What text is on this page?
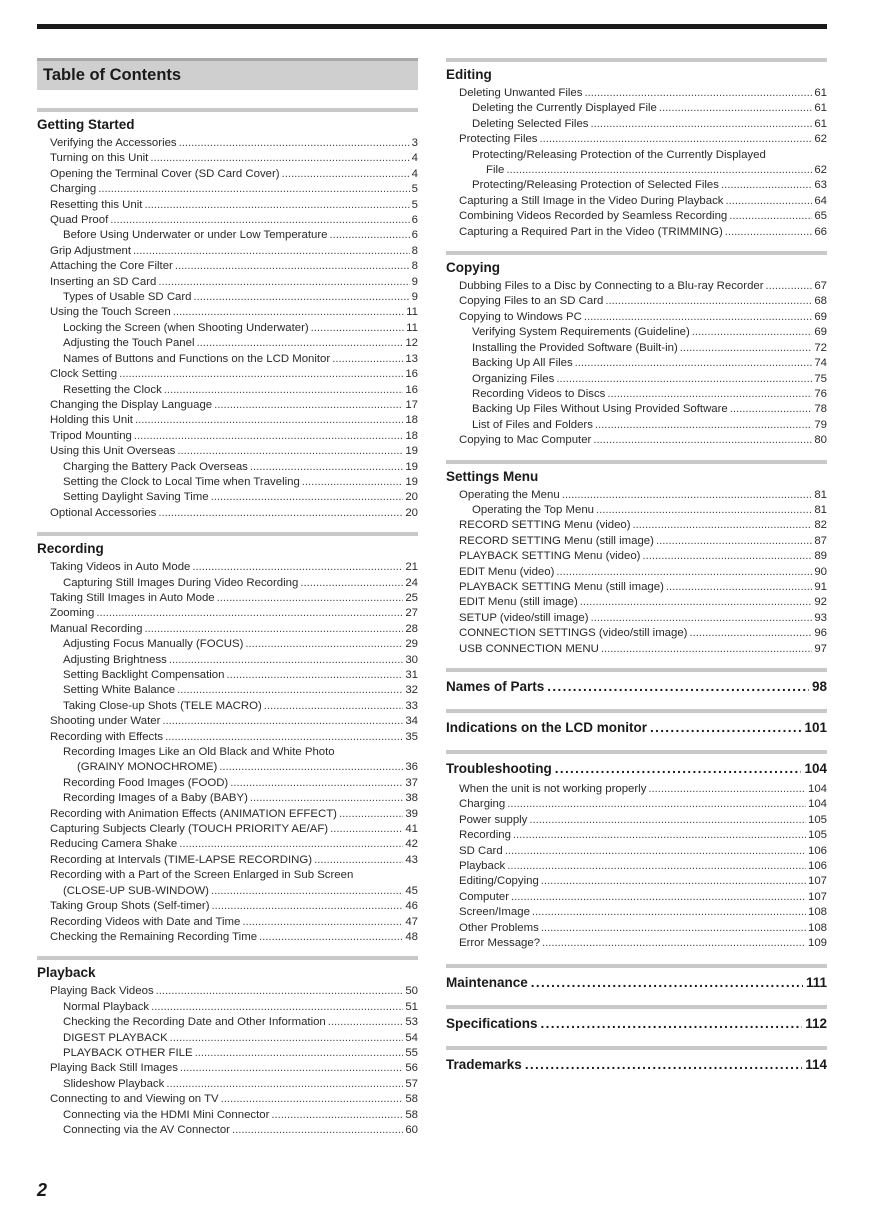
Table of Contents
Getting Started
Verifying the Accessories . . .	3
Turning on this Unit . . .	4
Opening the Terminal Cover (SD Card Cover) . . .	4
Charging . . .	5
Resetting this Unit . . .	5
Quad Proof . . .	6
Before Using Underwater or under Low Temperature . . .	6
Grip Adjustment . . .	8
Attaching the Core Filter . . .	8
Inserting an SD Card . . .	9
Types of Usable SD Card . . .	9
Using the Touch Screen . . .	11
Locking the Screen (when Shooting Underwater) . . .	11
Adjusting the Touch Panel . . .	12
Names of Buttons and Functions on the LCD Monitor . . .	13
Clock Setting . . .	16
Resetting the Clock . . .	16
Changing the Display Language . . .	17
Holding this Unit . . .	18
Tripod Mounting . . .	18
Using this Unit Overseas . . .	19
Charging the Battery Pack Overseas . . .	19
Setting the Clock to Local Time when Traveling . . .	19
Setting Daylight Saving Time . . .	20
Optional Accessories . . .	20
Recording
Taking Videos in Auto Mode . . .	21
Capturing Still Images During Video Recording . . .	24
Taking Still Images in Auto Mode . . .	25
Zooming . . .	27
Manual Recording . . .	28
Adjusting Focus Manually (FOCUS) . . .	29
Adjusting Brightness . . .	30
Setting Backlight Compensation . . .	31
Setting White Balance . . .	32
Taking Close-up Shots (TELE MACRO) . . .	33
Shooting under Water . . .	34
Recording with Effects . . .	35
Recording Images Like an Old Black and White Photo
(GRAINY MONOCHROME) . . .	36
Recording Food Images (FOOD) . . .	37
Recording Images of a Baby (BABY) . . .	38
Recording with Animation Effects (ANIMATION EFFECT) . . .	39
Capturing Subjects Clearly (TOUCH PRIORITY AE/AF) . . .	41
Reducing Camera Shake . . .	42
Recording at Intervals (TIME-LAPSE RECORDING) . . .	43
Recording with a Part of the Screen Enlarged in Sub Screen
(CLOSE-UP SUB-WINDOW) . . .	45
Taking Group Shots (Self-timer) . . .	46
Recording Videos with Date and Time . . .	47
Checking the Remaining Recording Time . . .	48
Playback
Playing Back Videos . . .	50
Normal Playback . . .	51
Checking the Recording Date and Other Information . . .	53
DIGEST PLAYBACK . . .	54
PLAYBACK OTHER FILE . . .	55
Playing Back Still Images . . .	56
Slideshow Playback . . .	57
Connecting to and Viewing on TV . . .	58
Connecting via the HDMI Mini Connector . . .	58
Connecting via the AV Connector . . .	60
Editing
Deleting Unwanted Files . . .	61
Deleting the Currently Displayed File . . .	61
Deleting Selected Files . . .	61
Protecting Files . . .	62
Protecting/Releasing Protection of the Currently Displayed
File . . .	62
Protecting/Releasing Protection of Selected Files . . .	63
Capturing a Still Image in the Video During Playback . . .	64
Combining Videos Recorded by Seamless Recording . . .	65
Capturing a Required Part in the Video (TRIMMING) . . .	66
Copying
Dubbing Files to a Disc by Connecting to a Blu-ray Recorder . . .	67
Copying Files to an SD Card . . .	68
Copying to Windows PC . . .	69
Verifying System Requirements (Guideline) . . .	69
Installing the Provided Software (Built-in) . . .	72
Backing Up All Files . . .	74
Organizing Files . . .	75
Recording Videos to Discs . . .	76
Backing Up Files Without Using Provided Software . . .	78
List of Files and Folders . . .	79
Copying to Mac Computer . . .	80
Settings Menu
Operating the Menu . . .	81
Operating the Top Menu . . .	81
RECORD SETTING Menu (video) . . .	82
RECORD SETTING Menu (still image) . . .	87
PLAYBACK SETTING Menu (video) . . .	89
EDIT Menu (video) . . .	90
PLAYBACK SETTING Menu (still image) . . .	91
EDIT Menu (still image) . . .	92
SETUP (video/still image) . . .	93
CONNECTION SETTINGS (video/still image) . . .	96
USB CONNECTION MENU . . .	97
Names of Parts . . .	98
Indications on the LCD monitor . . .	101
Troubleshooting . . .	104
When the unit is not working properly . . .	104
Charging . . .	104
Power supply . . .	105
Recording . . .	105
SD Card . . .	106
Playback . . .	106
Editing/Copying . . .	107
Computer . . .	107
Screen/Image . . .	108
Other Problems . . .	108
Error Message? . . .	109
Maintenance . . .	111
Specifications . . .	112
Trademarks . . .	114
2
